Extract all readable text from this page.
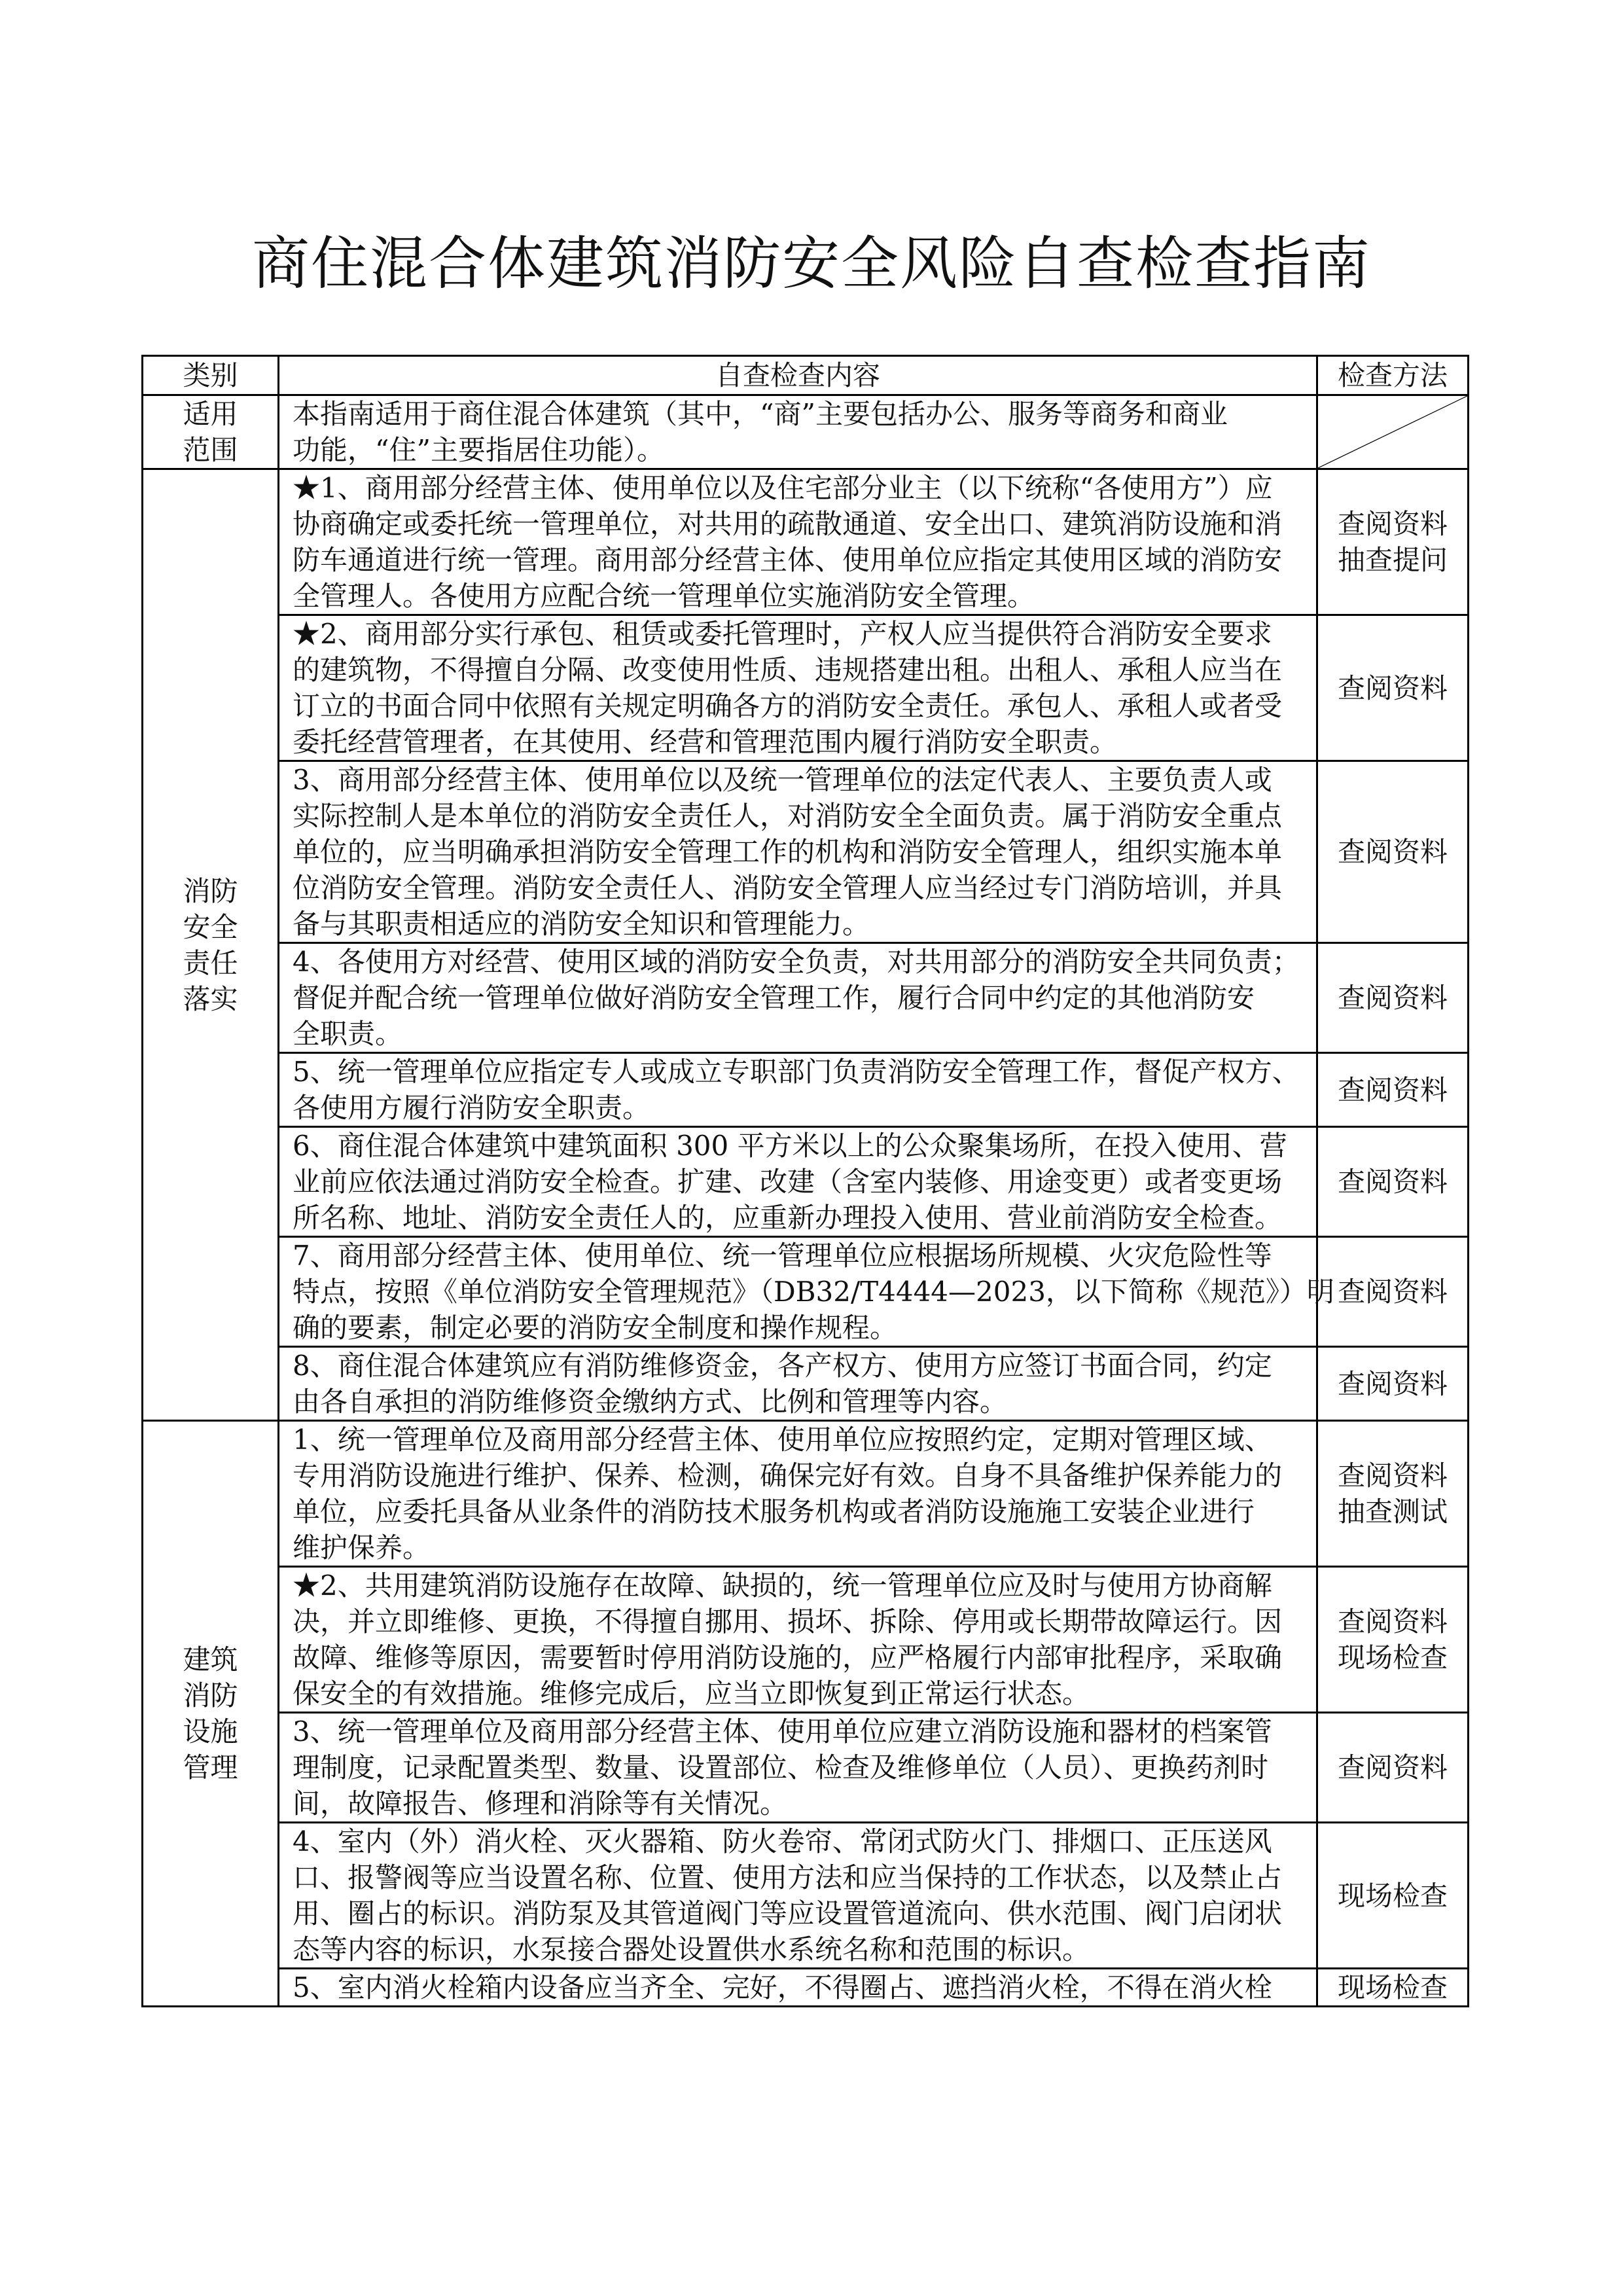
商住混合体建筑消防安全风险自查检查指南
类别	自查检查内容	检查方法

适用
范围	本指南适用于商住混合体建筑（其中，“商”主要包括办公、服务等商务和商业
功能，“住”主要指居住功能）。

消防
安全
责任
落实	★1、商用部分经营主体、使用单位以及住宅部分业主（以下统称“各使用方”）应
协商确定或委托统一管理单位，对共用的疏散通道、安全出口、建筑消防设施和消
防车通道进行统一管理。商用部分经营主体、使用单位应指定其使用区域的消防安
全管理人。各使用方应配合统一管理单位实施消防安全管理。	查阅资料
抽查提问

	★2、商用部分实行承包、租赁或委托管理时，产权人应当提供符合消防安全要求
的建筑物，不得擅自分隔、改变使用性质、违规搭建出租。出租人、承租人应当在
订立的书面合同中依照有关规定明确各方的消防安全责任。承包人、承租人或者受
委托经营管理者，在其使用、经营和管理范围内履行消防安全职责。	查阅资料

	3、商用部分经营主体、使用单位以及统一管理单位的法定代表人、主要负责人或
实际控制人是本单位的消防安全责任人，对消防安全全面负责。属于消防安全重点
单位的，应当明确承担消防安全管理工作的机构和消防安全管理人，组织实施本单
位消防安全管理。消防安全责任人、消防安全管理人应当经过专门消防培训，并具
备与其职责相适应的消防安全知识和管理能力。	查阅资料

	4、各使用方对经营、使用区域的消防安全负责，对共用部分的消防安全共同负责；
督促并配合统一管理单位做好消防安全管理工作，履行合同中约定的其他消防安
全职责。	查阅资料

	5、统一管理单位应指定专人或成立专职部门负责消防安全管理工作，督促产权方、
各使用方履行消防安全职责。	查阅资料

	6、商住混合体建筑中建筑面积 300 平方米以上的公众聚集场所，在投入使用、营
业前应依法通过消防安全检查。扩建、改建（含室内装修、用途变更）或者变更场
所名称、地址、消防安全责任人的，应重新办理投入使用、营业前消防安全检查。	查阅资料

	7、商用部分经营主体、使用单位、统一管理单位应根据场所规模、火灾危险性等
特点，按照《单位消防安全管理规范》（DB32/T4444—2023，以下简称《规范》）明
确的要素，制定必要的消防安全制度和操作规程。	查阅资料

	8、商住混合体建筑应有消防维修资金，各产权方、使用方应签订书面合同，约定
由各自承担的消防维修资金缴纳方式、比例和管理等内容。	查阅资料

建筑
消防
设施
管理	1、统一管理单位及商用部分经营主体、使用单位应按照约定，定期对管理区域、
专用消防设施进行维护、保养、检测，确保完好有效。自身不具备维护保养能力的
单位，应委托具备从业条件的消防技术服务机构或者消防设施施工安装企业进行
维护保养。	查阅资料
抽查测试

	★2、共用建筑消防设施存在故障、缺损的，统一管理单位应及时与使用方协商解
决，并立即维修、更换，不得擅自挪用、损坏、拆除、停用或长期带故障运行。因
故障、维修等原因，需要暂时停用消防设施的，应严格履行内部审批程序，采取确
保安全的有效措施。维修完成后，应当立即恢复到正常运行状态。	查阅资料
现场检查

	3、统一管理单位及商用部分经营主体、使用单位应建立消防设施和器材的档案管
理制度，记录配置类型、数量、设置部位、检查及维修单位（人员）、更换药剂时
间，故障报告、修理和消除等有关情况。	查阅资料

	4、室内（外）消火栓、灭火器箱、防火卷帘、常闭式防火门、排烟口、正压送风
口、报警阀等应当设置名称、位置、使用方法和应当保持的工作状态，以及禁止占
用、圈占的标识。消防泵及其管道阀门等应设置管道流向、供水范围、阀门启闭状
态等内容的标识，水泵接合器处设置供水系统名称和范围的标识。	现场检查

	5、室内消火栓箱内设备应当齐全、完好，不得圈占、遮挡消火栓，不得在消火栓	现场检查
